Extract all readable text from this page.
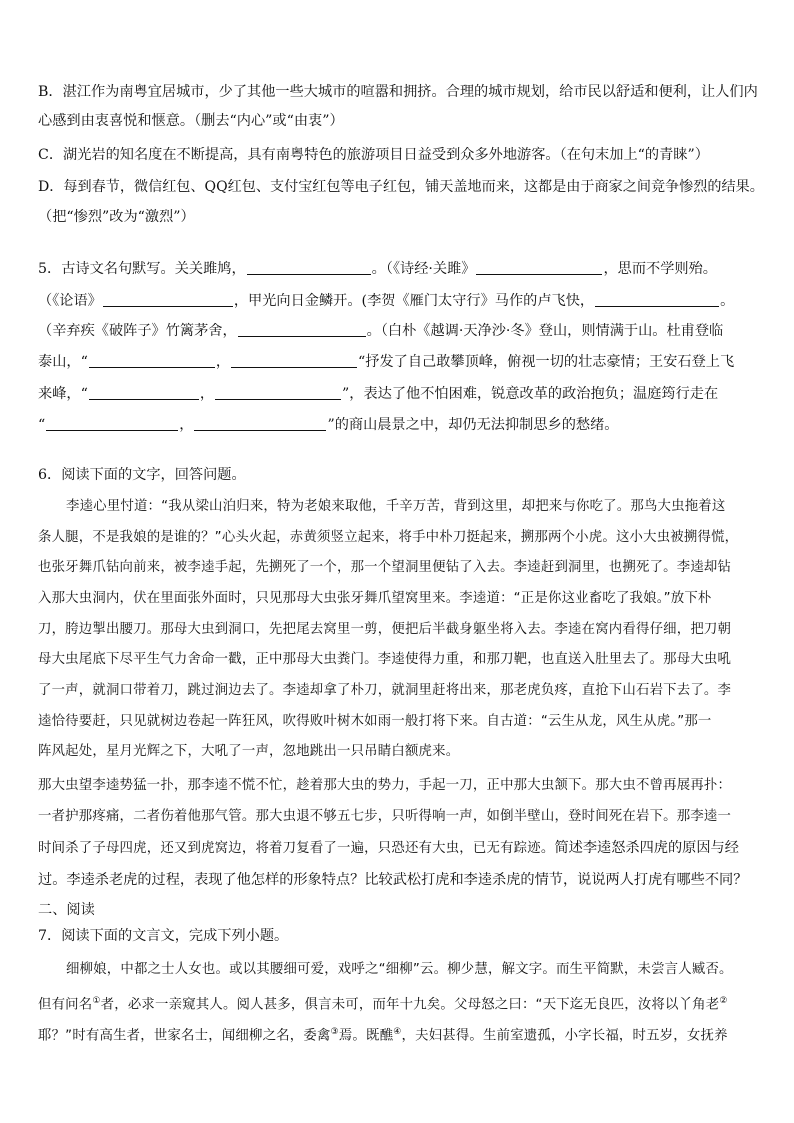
B．湛江作为南粤宜居城市，少了其他一些大城市的喧嚣和拥挤。合理的城市规划，给市民以舒适和便利，让人们内
心感到由衷喜悦和惬意。（删去“内心”或“由衷”）
C．湖光岩的知名度在不断提高，具有南粤特色的旅游项目日益受到众多外地游客。（在句末加上“的青睐”）
D．每到春节，微信红包、QQ红包、支付宝红包等电子红包，铺天盖地而来，这都是由于商家之间竞争惨烈的结果。
（把“惨烈”改为“激烈”）
5．古诗文名句默写。关关雎鸠，	。（《诗经·关雎》	，思而不学则殆。
（《论语》	，甲光向日金鳞开。(李贺《雁门太守行》马作的卢飞快，	。
（辛弃疾《破阵子》竹篱茅舍，	。（白朴《越调·天净沙·冬》登山，则情满于山。杜甫登临
泰山，“	，	“抒发了自己敢攀顶峰，俯视一切的壮志豪情；王安石登上飞
来峰，“	，	”，表达了他不怕困难，锐意改革的政治抱负；温庭筠行走在
“	，	”的商山晨景之中，却仍无法抑制思乡的愁绪。
6．阅读下面的文字，回答问题。
李逵心里忖道：“我从梁山泊归来，特为老娘来取他，千辛万苦，背到这里，却把来与你吃了。那鸟大虫拖着这
条人腿，不是我娘的是谁的？”心头火起，赤黄须竖立起来，将手中朴刀挺起来，搠那两个小虎。这小大虫被搠得慌，
也张牙舞爪钻向前来，被李逵手起，先搠死了一个，那一个望洞里便钻了入去。李逵赶到洞里，也搠死了。李逵却钻
入那大虫洞内，伏在里面张外面时，只见那母大虫张牙舞爪望窝里来。李逵道：“正是你这业畜吃了我娘。”放下朴
刀，胯边掣出腰刀。那母大虫到洞口，先把尾去窝里一剪，便把后半截身躯坐将入去。李逵在窝内看得仔细，把刀朝
母大虫尾底下尽平生气力舍命一戳，正中那母大虫粪门。李逵使得力重，和那刀靶，也直送入肚里去了。那母大虫吼
了一声，就洞口带着刀，跳过涧边去了。李逵却拿了朴刀，就洞里赶将出来，那老虎负疼，直抢下山石岩下去了。李
逵恰待要赶，只见就树边卷起一阵狂风，吹得败叶树木如雨一般打将下来。自古道：“云生从龙，风生从虎。”那一
阵风起处，星月光辉之下，大吼了一声，忽地跳出一只吊睛白额虎来。
那大虫望李逵势猛一扑，那李逵不慌不忙，趁着那大虫的势力，手起一刀，正中那大虫颔下。那大虫不曾再展再扑：
一者护那疼痛，二者伤着他那气管。那大虫退不够五七步，只听得响一声，如倒半壁山，登时间死在岩下。那李逵一
时间杀了子母四虎，还又到虎窝边，将着刀复看了一遍，只恐还有大虫，已无有踪迹。简述李逵怒杀四虎的原因与经
过。李逵杀老虎的过程，表现了他怎样的形象特点？比较武松打虎和李逵杀虎的情节，说说两人打虎有哪些不同？
二、阅读
7．阅读下面的文言文，完成下列小题。
细柳娘，中都之士人女也。或以其腰细可爱，戏呼之“细柳”云。柳少慧，解文字。而生平简默，未尝言人臧否。
但有问名①者，必求一亲窥其人。阅人甚多，俱言未可，而年十九矣。父母怒之曰：“天下迄无良匹，汝将以丫角老②
耶？”时有高生者，世家名士，闻细柳之名，委禽③焉。既醮④，夫妇甚得。生前室遗孤，小字长福，时五岁，女抚养
